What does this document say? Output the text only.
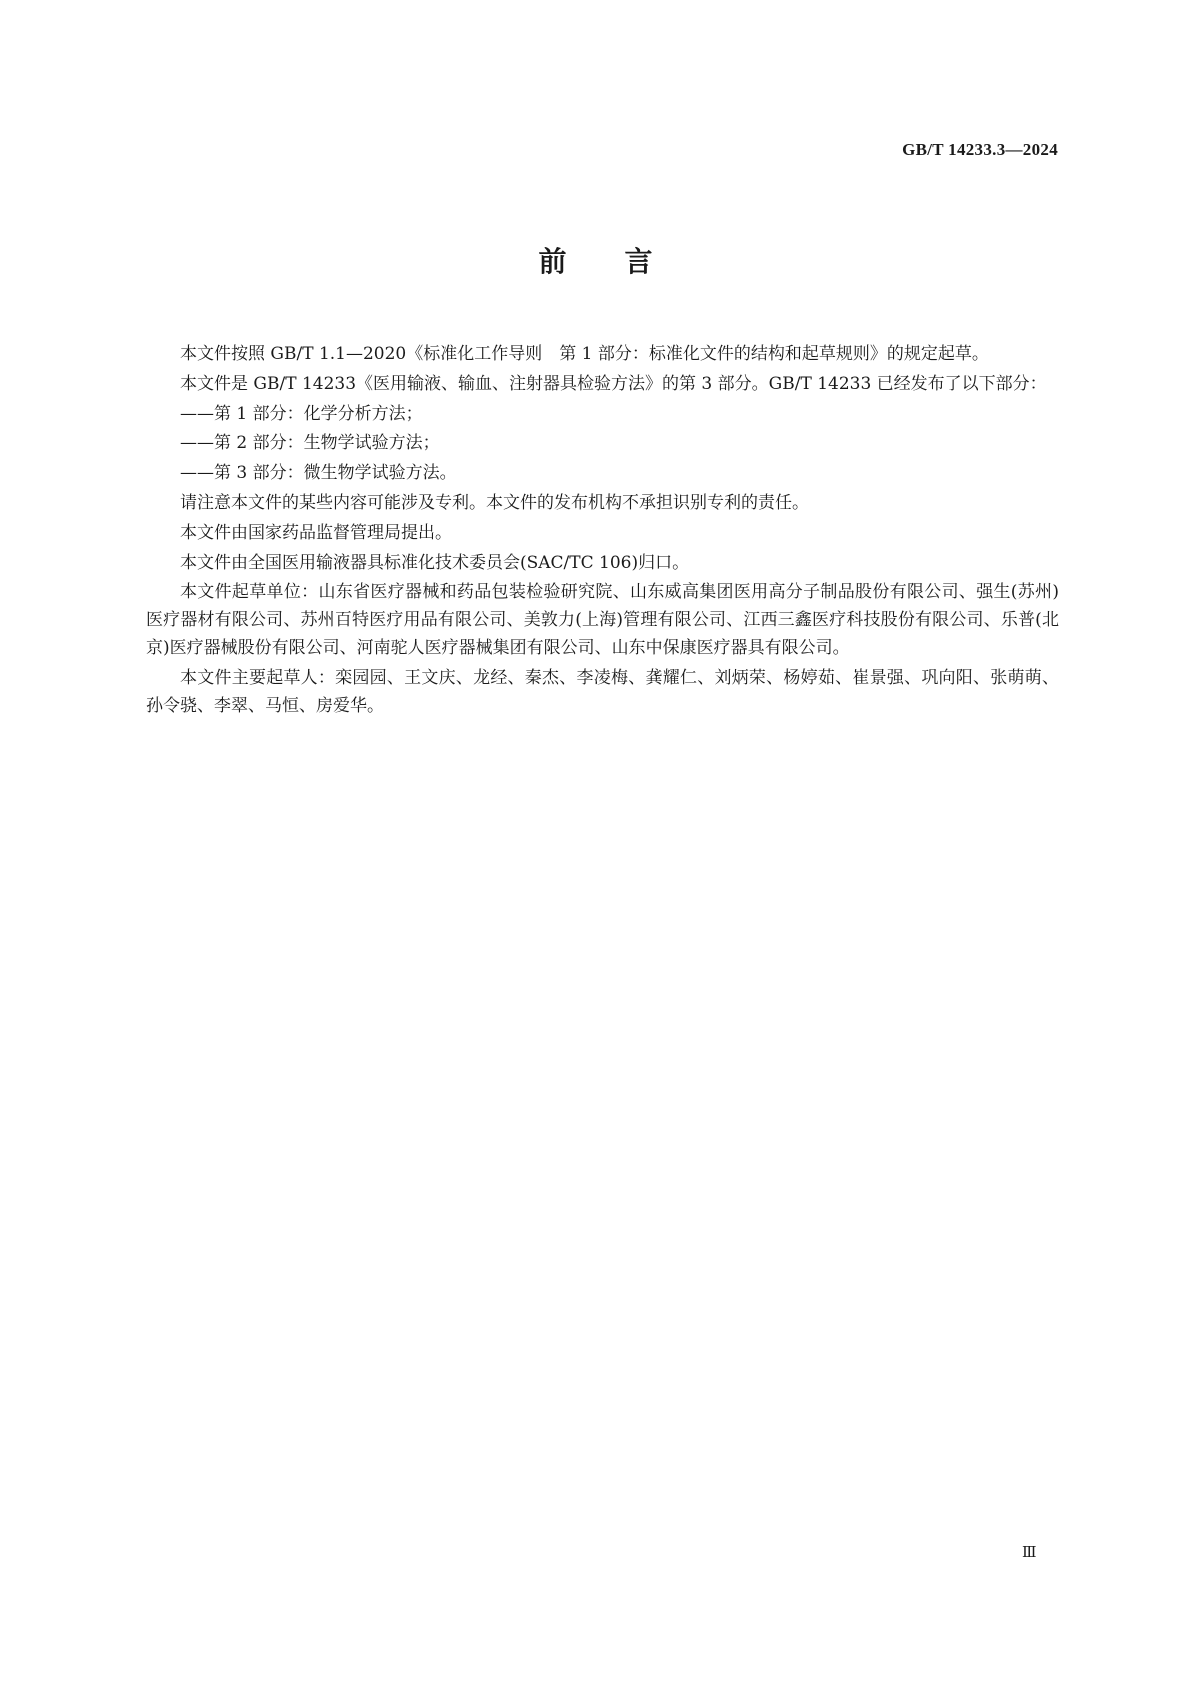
GB/T 14233.3—2024
前 言

本文件按照 GB/T 1.1—2020《标准化工作导则　第 1 部分：标准化文件的结构和起草规则》的规定起草。

本文件是 GB/T 14233《医用输液、输血、注射器具检验方法》的第 3 部分。GB/T 14233 已经发布了以下部分：

——第 1 部分：化学分析方法；

——第 2 部分：生物学试验方法；

——第 3 部分：微生物学试验方法。

请注意本文件的某些内容可能涉及专利。本文件的发布机构不承担识别专利的责任。

本文件由国家药品监督管理局提出。

本文件由全国医用输液器具标准化技术委员会(SAC/TC 106)归口。

本文件起草单位：山东省医疗器械和药品包装检验研究院、山东威高集团医用高分子制品股份有限公司、强生(苏州)医疗器材有限公司、苏州百特医疗用品有限公司、美敦力(上海)管理有限公司、江西三鑫医疗科技股份有限公司、乐普(北京)医疗器械股份有限公司、河南驼人医疗器械集团有限公司、山东中保康医疗器具有限公司。

本文件主要起草人：栾园园、王文庆、龙经、秦杰、李凌梅、龚耀仁、刘炳荣、杨婷茹、崔景强、巩向阳、张萌萌、孙令骁、李翠、马恒、房爱华。

Ⅲ
